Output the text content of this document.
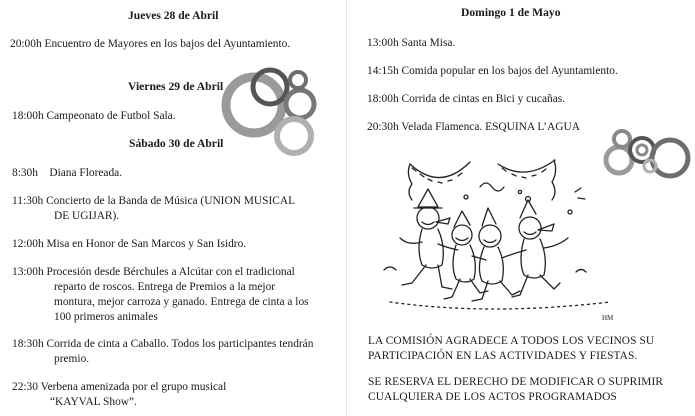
Jueves 28 de Abril
20:00h Encuentro de Mayores en los bajos del Ayuntamiento.
Viernes 29 de Abril
18:00h Campeonato de Futbol Sala.
Sábado 30 de Abril
8:30h Diana Floreada.
11:30h Concierto de la Banda de Música (UNION MUSICAL
DE UGIJAR).
12:00h Misa en Honor de San Marcos y San Isidro.
13:00h Procesión desde Bérchules a Alcútar con el tradicional
reparto de roscos. Entrega de Premios a la mejor
montura, mejor carroza y ganado. Entrega de cinta a los
100 primeros animales
18:30h Corrida de cinta a Caballo. Todos los participantes tendrán
premio.
22:30 Verbena amenizada por el grupo musical
“KAYVAL Show”.
Domingo 1 de Mayo
13:00h Santa Misa.
14:15h Comida popular en los bajos del Ayuntamiento.
18:00h Corrida de cintas en Bici y cucañas.
20:30h Velada Flamenca. ESQUINA L’AGUA
HM
LA COMISIÓN AGRADECE A TODOS LOS VECINOS SU
PARTICIPACIÓN EN LAS ACTIVIDADES Y FIESTAS.
SE RESERVA EL DERECHO DE MODIFICAR O SUPRIMIR
CUALQUIERA DE LOS ACTOS PROGRAMADOS
